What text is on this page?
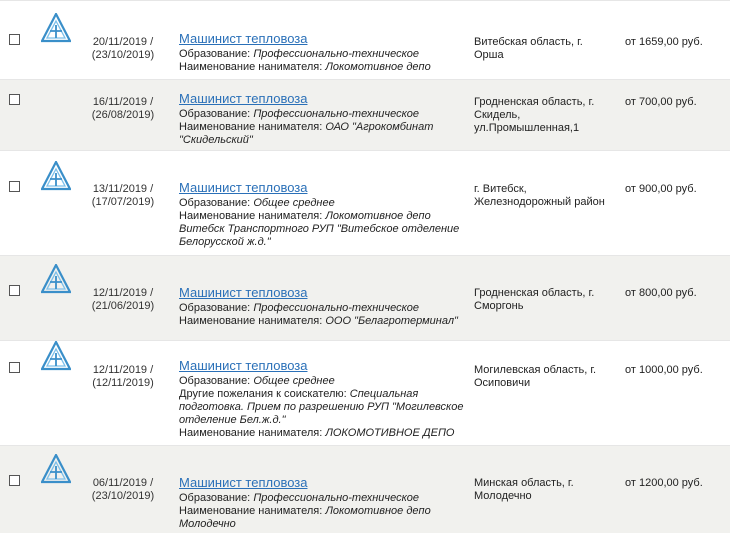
20/11/2019 /
(23/10/2019)
Машинист тепловоза
Образование: Профессионально-техническое
Наименование нанимателя: Локомотивное депо
Витебская область, г. Орша
от 1659,00 руб.
16/11/2019 /
(26/08/2019)
Машинист тепловоза
Образование: Профессионально-техническое
Наименование нанимателя: ОАО "Агрокомбинат "Скидельский"
Гродненская область, г. Скидель, ул.Промышленная,1
от 700,00 руб.
13/11/2019 /
(17/07/2019)
Машинист тепловоза
Образование: Общее среднее
Наименование нанимателя: Локомотивное депо Витебск Транспортного РУП "Витебское отделение Белорусской ж.д."
г. Витебск, Железнодорожный район
от 900,00 руб.
12/11/2019 /
(21/06/2019)
Машинист тепловоза
Образование: Профессионально-техническое
Наименование нанимателя: ООО "Белагротерминал"
Гродненская область, г. Сморгонь
от 800,00 руб.
12/11/2019 /
(12/11/2019)
Машинист тепловоза
Образование: Общее среднее
Другие пожелания к соискателю: Специальная подготовка. Прием по разрешению РУП "Могилевское отделение Бел.ж.д."
Наименование нанимателя: ЛОКОМОТИВНОЕ ДЕПО
Могилевская область, г. Осиповичи
от 1000,00 руб.
06/11/2019 /
(23/10/2019)
Машинист тепловоза
Образование: Профессионально-техническое
Наименование нанимателя: Локомотивное депо Молодечно
Минская область, г. Молодечно
от 1200,00 руб.
